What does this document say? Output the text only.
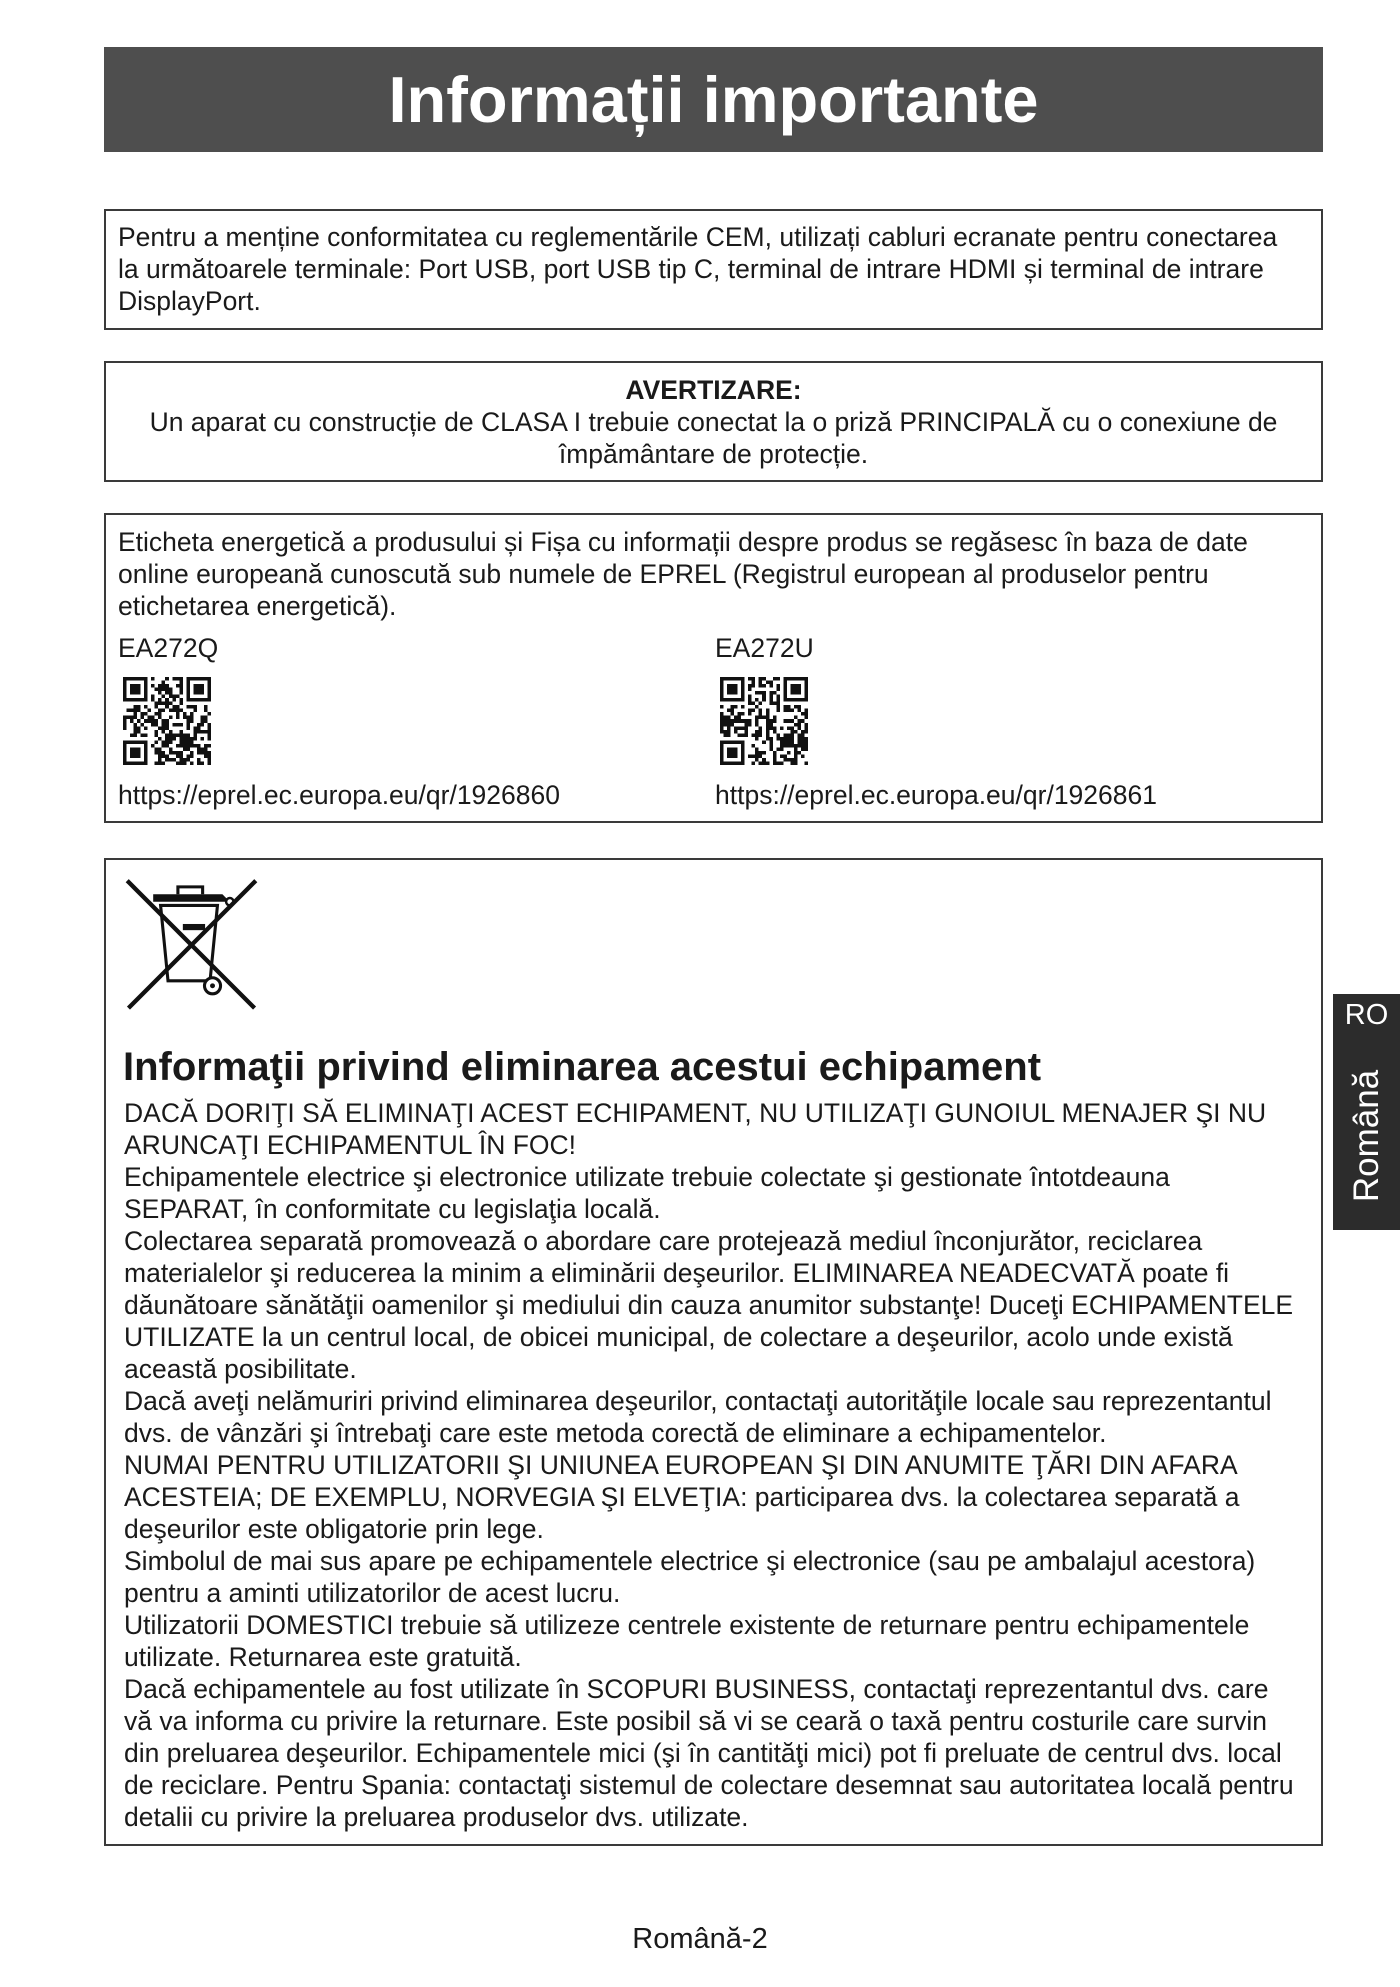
Informații importante
Pentru a menține conformitatea cu reglementările CEM, utilizați cabluri ecranate pentru conectarea
la următoarele terminale: Port USB, port USB tip C, terminal de intrare HDMI și terminal de intrare
DisplayPort.
AVERTIZARE:
Un aparat cu construcție de CLASA I trebuie conectat la o priză PRINCIPALĂ cu o conexiune de
împământare de protecție.
Eticheta energetică a produsului și Fișa cu informații despre produs se regăsesc în baza de date
online europeană cunoscută sub numele de EPREL (Registrul european al produselor pentru
etichetarea energetică).
EA272Q
https://eprel.ec.europa.eu/qr/1926860
EA272U
https://eprel.ec.europa.eu/qr/1926861
Informaţii privind eliminarea acestui echipament
DACĂ DORIŢI SĂ ELIMINAŢI ACEST ECHIPAMENT, NU UTILIZAŢI GUNOIUL MENAJER ŞI NU
ARUNCAŢI ECHIPAMENTUL ÎN FOC!
Echipamentele electrice şi electronice utilizate trebuie colectate şi gestionate întotdeauna
SEPARAT, în conformitate cu legislaţia locală.
Colectarea separată promovează o abordare care protejează mediul înconjurător, reciclarea
materialelor şi reducerea la minim a eliminării deşeurilor. ELIMINAREA NEADECVATĂ poate fi
dăunătoare sănătăţii oamenilor şi mediului din cauza anumitor substanţe! Duceţi ECHIPAMENTELE
UTILIZATE la un centrul local, de obicei municipal, de colectare a deşeurilor, acolo unde există
această posibilitate.
Dacă aveţi nelămuriri privind eliminarea deşeurilor, contactaţi autorităţile locale sau reprezentantul
dvs. de vânzări şi întrebaţi care este metoda corectă de eliminare a echipamentelor.
NUMAI PENTRU UTILIZATORII ŞI UNIUNEA EUROPEAN ŞI DIN ANUMITE ŢĂRI DIN AFARA
ACESTEIA; DE EXEMPLU, NORVEGIA ŞI ELVEŢIA: participarea dvs. la colectarea separată a
deşeurilor este obligatorie prin lege.
Simbolul de mai sus apare pe echipamentele electrice şi electronice (sau pe ambalajul acestora)
pentru a aminti utilizatorilor de acest lucru.
Utilizatorii DOMESTICI trebuie să utilizeze centrele existente de returnare pentru echipamentele
utilizate. Returnarea este gratuită.
Dacă echipamentele au fost utilizate în SCOPURI BUSINESS, contactaţi reprezentantul dvs. care
vă va informa cu privire la returnare. Este posibil să vi se ceară o taxă pentru costurile care survin
din preluarea deşeurilor. Echipamentele mici (şi în cantităţi mici) pot fi preluate de centrul dvs. local
de reciclare. Pentru Spania: contactaţi sistemul de colectare desemnat sau autoritatea locală pentru
detalii cu privire la preluarea produselor dvs. utilizate.
RO
Română
Română-2
